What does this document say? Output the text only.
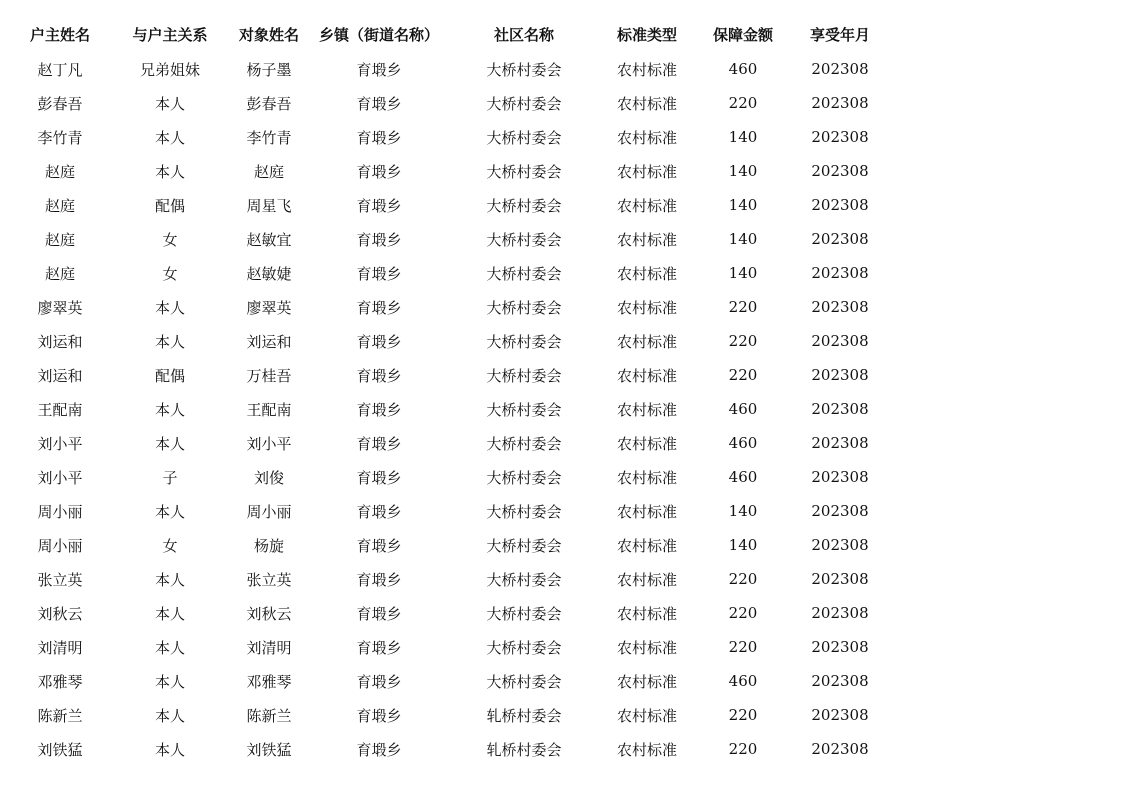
户主姓名	与户主关系	对象姓名	乡镇（街道名称）	社区名称	标准类型	保障金额	享受年月	
赵丁凡	兄弟姐妹	杨子墨	育塅乡	大桥村委会	农村标准	460	202308	
彭春吾	本人	彭春吾	育塅乡	大桥村委会	农村标准	220	202308	
李竹青	本人	李竹青	育塅乡	大桥村委会	农村标准	140	202308	
赵庭	本人	赵庭	育塅乡	大桥村委会	农村标准	140	202308	
赵庭	配偶	周星飞	育塅乡	大桥村委会	农村标准	140	202308	
赵庭	女	赵敏宜	育塅乡	大桥村委会	农村标准	140	202308	
赵庭	女	赵敏婕	育塅乡	大桥村委会	农村标准	140	202308	
廖翠英	本人	廖翠英	育塅乡	大桥村委会	农村标准	220	202308	
刘运和	本人	刘运和	育塅乡	大桥村委会	农村标准	220	202308	
刘运和	配偶	万桂吾	育塅乡	大桥村委会	农村标准	220	202308	
王配南	本人	王配南	育塅乡	大桥村委会	农村标准	460	202308	
刘小平	本人	刘小平	育塅乡	大桥村委会	农村标准	460	202308	
刘小平	子	刘俊	育塅乡	大桥村委会	农村标准	460	202308	
周小丽	本人	周小丽	育塅乡	大桥村委会	农村标准	140	202308	
周小丽	女	杨旋	育塅乡	大桥村委会	农村标准	140	202308	
张立英	本人	张立英	育塅乡	大桥村委会	农村标准	220	202308	
刘秋云	本人	刘秋云	育塅乡	大桥村委会	农村标准	220	202308	
刘清明	本人	刘清明	育塅乡	大桥村委会	农村标准	220	202308	
邓雅琴	本人	邓雅琴	育塅乡	大桥村委会	农村标准	460	202308	
陈新兰	本人	陈新兰	育塅乡	轧桥村委会	农村标准	220	202308	
刘铁猛	本人	刘铁猛	育塅乡	轧桥村委会	农村标准	220	202308	
